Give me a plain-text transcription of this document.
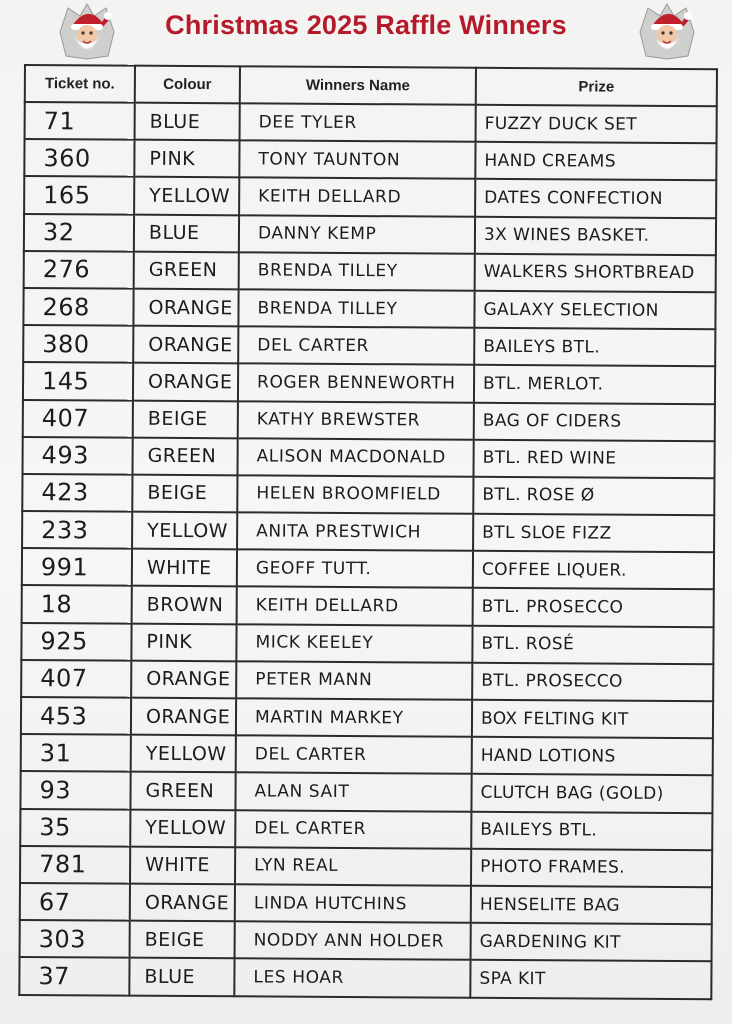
Christmas 2025 Raffle Winners
Ticket no.	Colour	Winners Name	Prize
71	BLUE	DEE TYLER	FUZZY DUCK SET
360	PINK	TONY TAUNTON	HAND CREAMS
165	YELLOW	KEITH DELLARD	DATES CONFECTION
32	BLUE	DANNY KEMP	3X WINES BASKET.
276	GREEN	BRENDA TILLEY	WALKERS SHORTBREAD
268	ORANGE	BRENDA TILLEY	GALAXY SELECTION
380	ORANGE	DEL CARTER	BAILEYS BTL.
145	ORANGE	ROGER BENNEWORTH	BTL. MERLOT.
407	BEIGE	KATHY BREWSTER	BAG OF CIDERS
493	GREEN	ALISON MACDONALD	BTL. RED WINE
423	BEIGE	HELEN BROOMFIELD	BTL. ROSE Ø
233	YELLOW	ANITA PRESTWICH	BTL SLOE FIZZ
991	WHITE	GEOFF TUTT.	COFFEE LIQUER.
18	BROWN	KEITH DELLARD	BTL. PROSECCO
925	PINK	MICK KEELEY	BTL. ROSÉ
407	ORANGE	PETER MANN	BTL. PROSECCO
453	ORANGE	MARTIN MARKEY	BOX FELTING KIT
31	YELLOW	DEL CARTER	HAND LOTIONS
93	GREEN	ALAN SAIT	CLUTCH BAG (GOLD)
35	YELLOW	DEL CARTER	BAILEYS BTL.
781	WHITE	LYN REAL	PHOTO FRAMES.
67	ORANGE	LINDA HUTCHINS	HENSELITE BAG
303	BEIGE	NODDY ANN HOLDER	GARDENING KIT
37	BLUE	LES HOAR	SPA KIT
